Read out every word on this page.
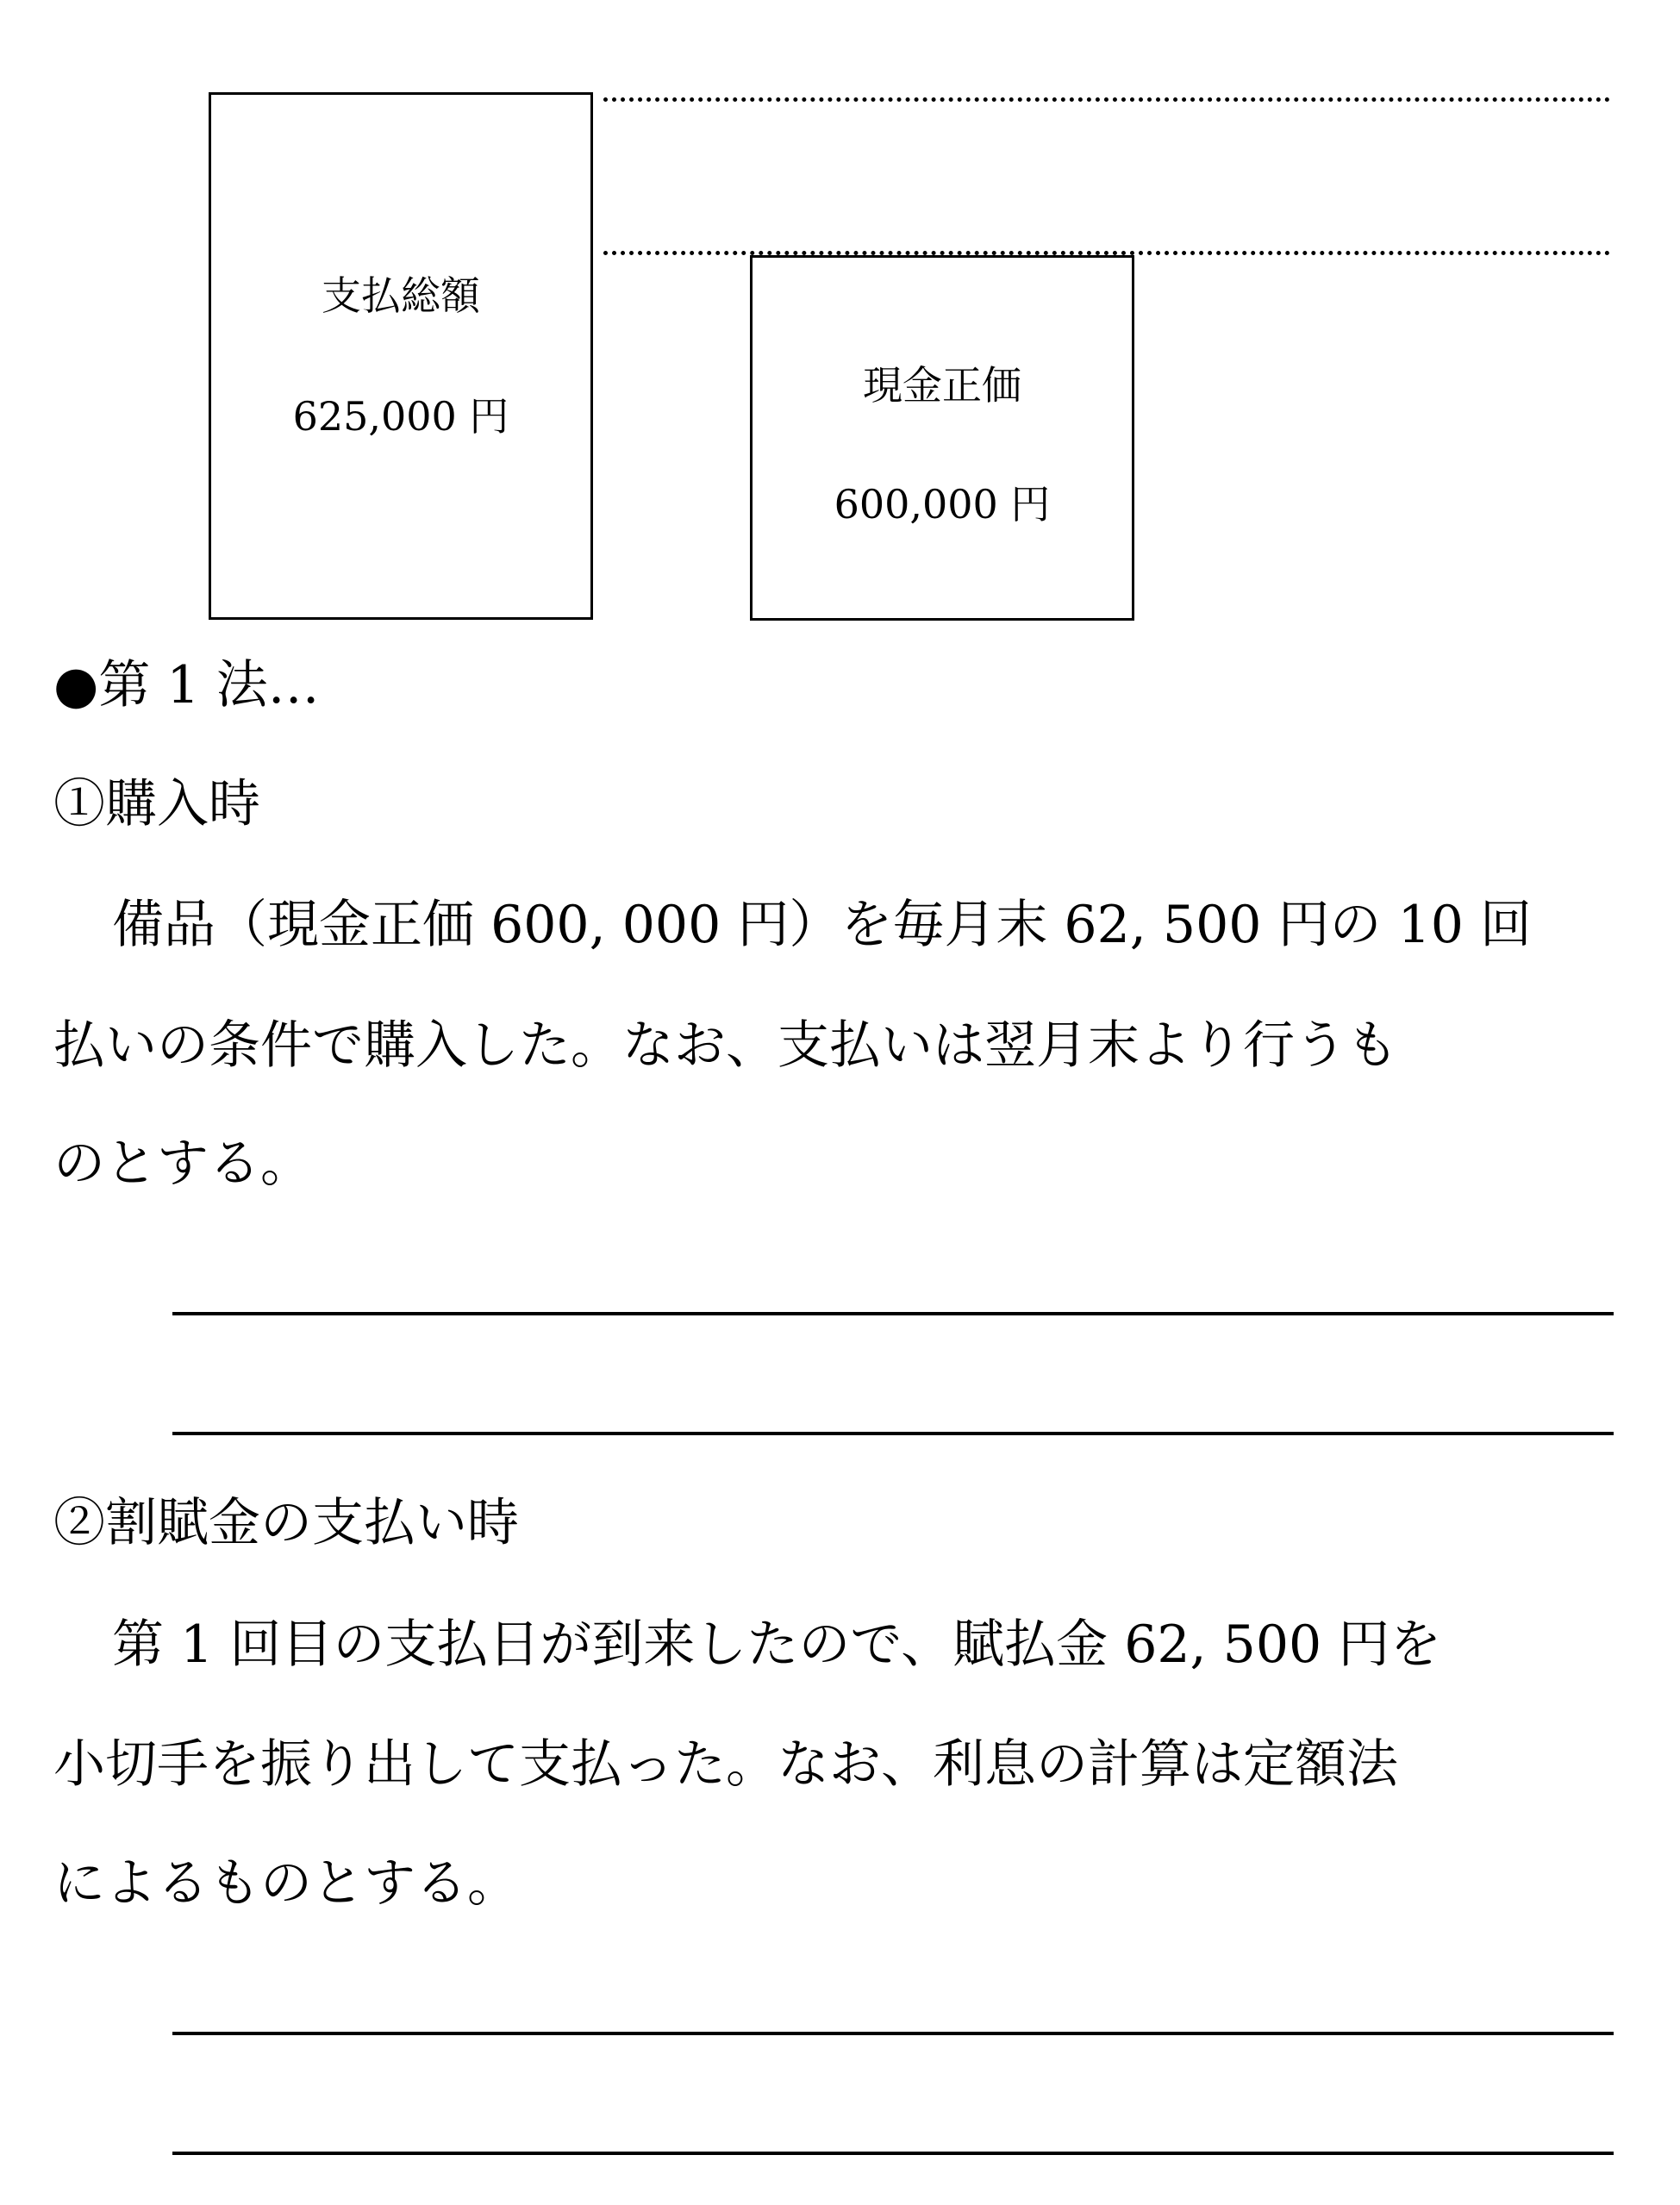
支払総額
625,000 円
現金正価
600,000 円
●第 1 法…
①購入時
備品（現金正価 600, 000 円）を毎月末 62, 500 円の 10 回
払いの条件で購入した。なお、支払いは翌月末より行うも
のとする。
②割賦金の支払い時
第 1 回目の支払日が到来したので、賦払金 62, 500 円を
小切手を振り出して支払った。なお、利息の計算は定額法
によるものとする。
